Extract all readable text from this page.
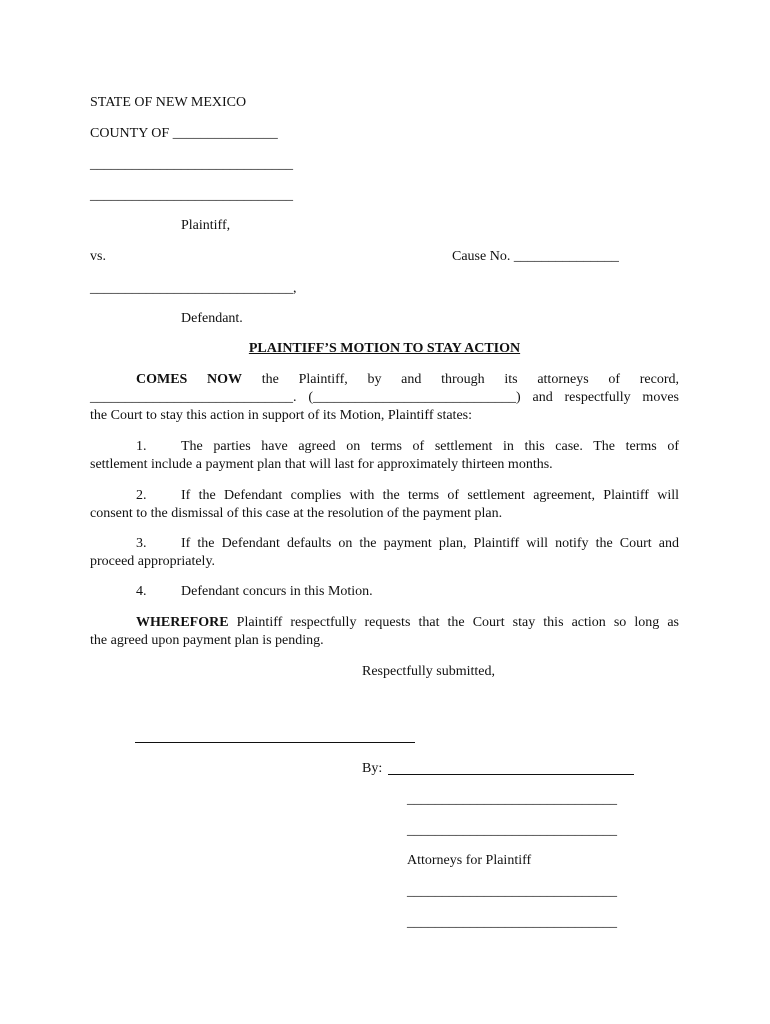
STATE OF NEW MEXICO
COUNTY OF _______________
_____________________________
_____________________________
Plaintiff,
vs.	Cause No. _______________
_____________________________,
Defendant.
PLAINTIFF’S MOTION TO STAY ACTION
COMES NOW the Plaintiff, by and through its attorneys of record,
_____________________________. (_____________________________) and respectfully moves
the Court to stay this action in support of its Motion, Plaintiff states:
1. The parties have agreed on terms of settlement in this case. The terms of
settlement include a payment plan that will last for approximately thirteen months.
2. If the Defendant complies with the terms of settlement agreement, Plaintiff will
consent to the dismissal of this case at the resolution of the payment plan.
3. If the Defendant defaults on the payment plan, Plaintiff will notify the Court and
proceed appropriately.
4. Defendant concurs in this Motion.
WHEREFORE Plaintiff respectfully requests that the Court stay this action so long as
the agreed upon payment plan is pending.
Respectfully submitted,
By:
______________________________
______________________________
Attorneys for Plaintiff
______________________________
______________________________
